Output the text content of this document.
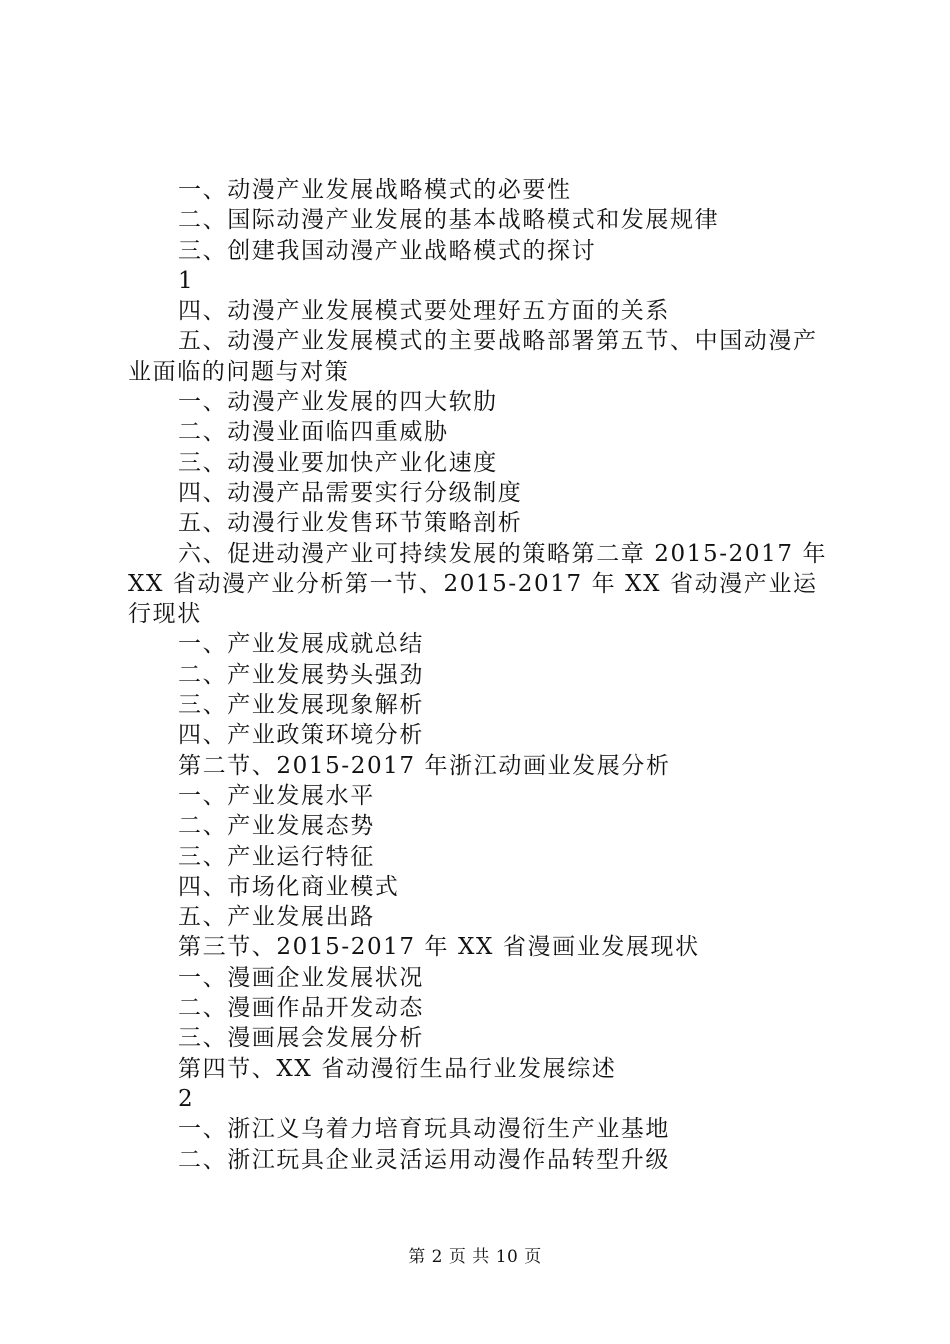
一、动漫产业发展战略模式的必要性

二、国际动漫产业发展的基本战略模式和发展规律

三、创建我国动漫产业战略模式的探讨

1

四、动漫产业发展模式要处理好五方面的关系

五、动漫产业发展模式的主要战略部署第五节、中国动漫产业面临的问题与对策

一、动漫产业发展的四大软肋

二、动漫业面临四重威胁

三、动漫业要加快产业化速度

四、动漫产品需要实行分级制度

五、动漫行业发售环节策略剖析

六、促进动漫产业可持续发展的策略第二章 2015-2017 年 XX 省动漫产业分析第一节、2015-2017 年 XX 省动漫产业运行现状

一、产业发展成就总结

二、产业发展势头强劲

三、产业发展现象解析

四、产业政策环境分析

第二节、2015-2017 年浙江动画业发展分析

一、产业发展水平

二、产业发展态势

三、产业运行特征

四、市场化商业模式

五、产业发展出路

第三节、2015-2017 年 XX 省漫画业发展现状

一、漫画企业发展状况

二、漫画作品开发动态

三、漫画展会发展分析

第四节、XX 省动漫衍生品行业发展综述

2

一、浙江义乌着力培育玩具动漫衍生产业基地

二、浙江玩具企业灵活运用动漫作品转型升级

第 2 页 共 10 页
